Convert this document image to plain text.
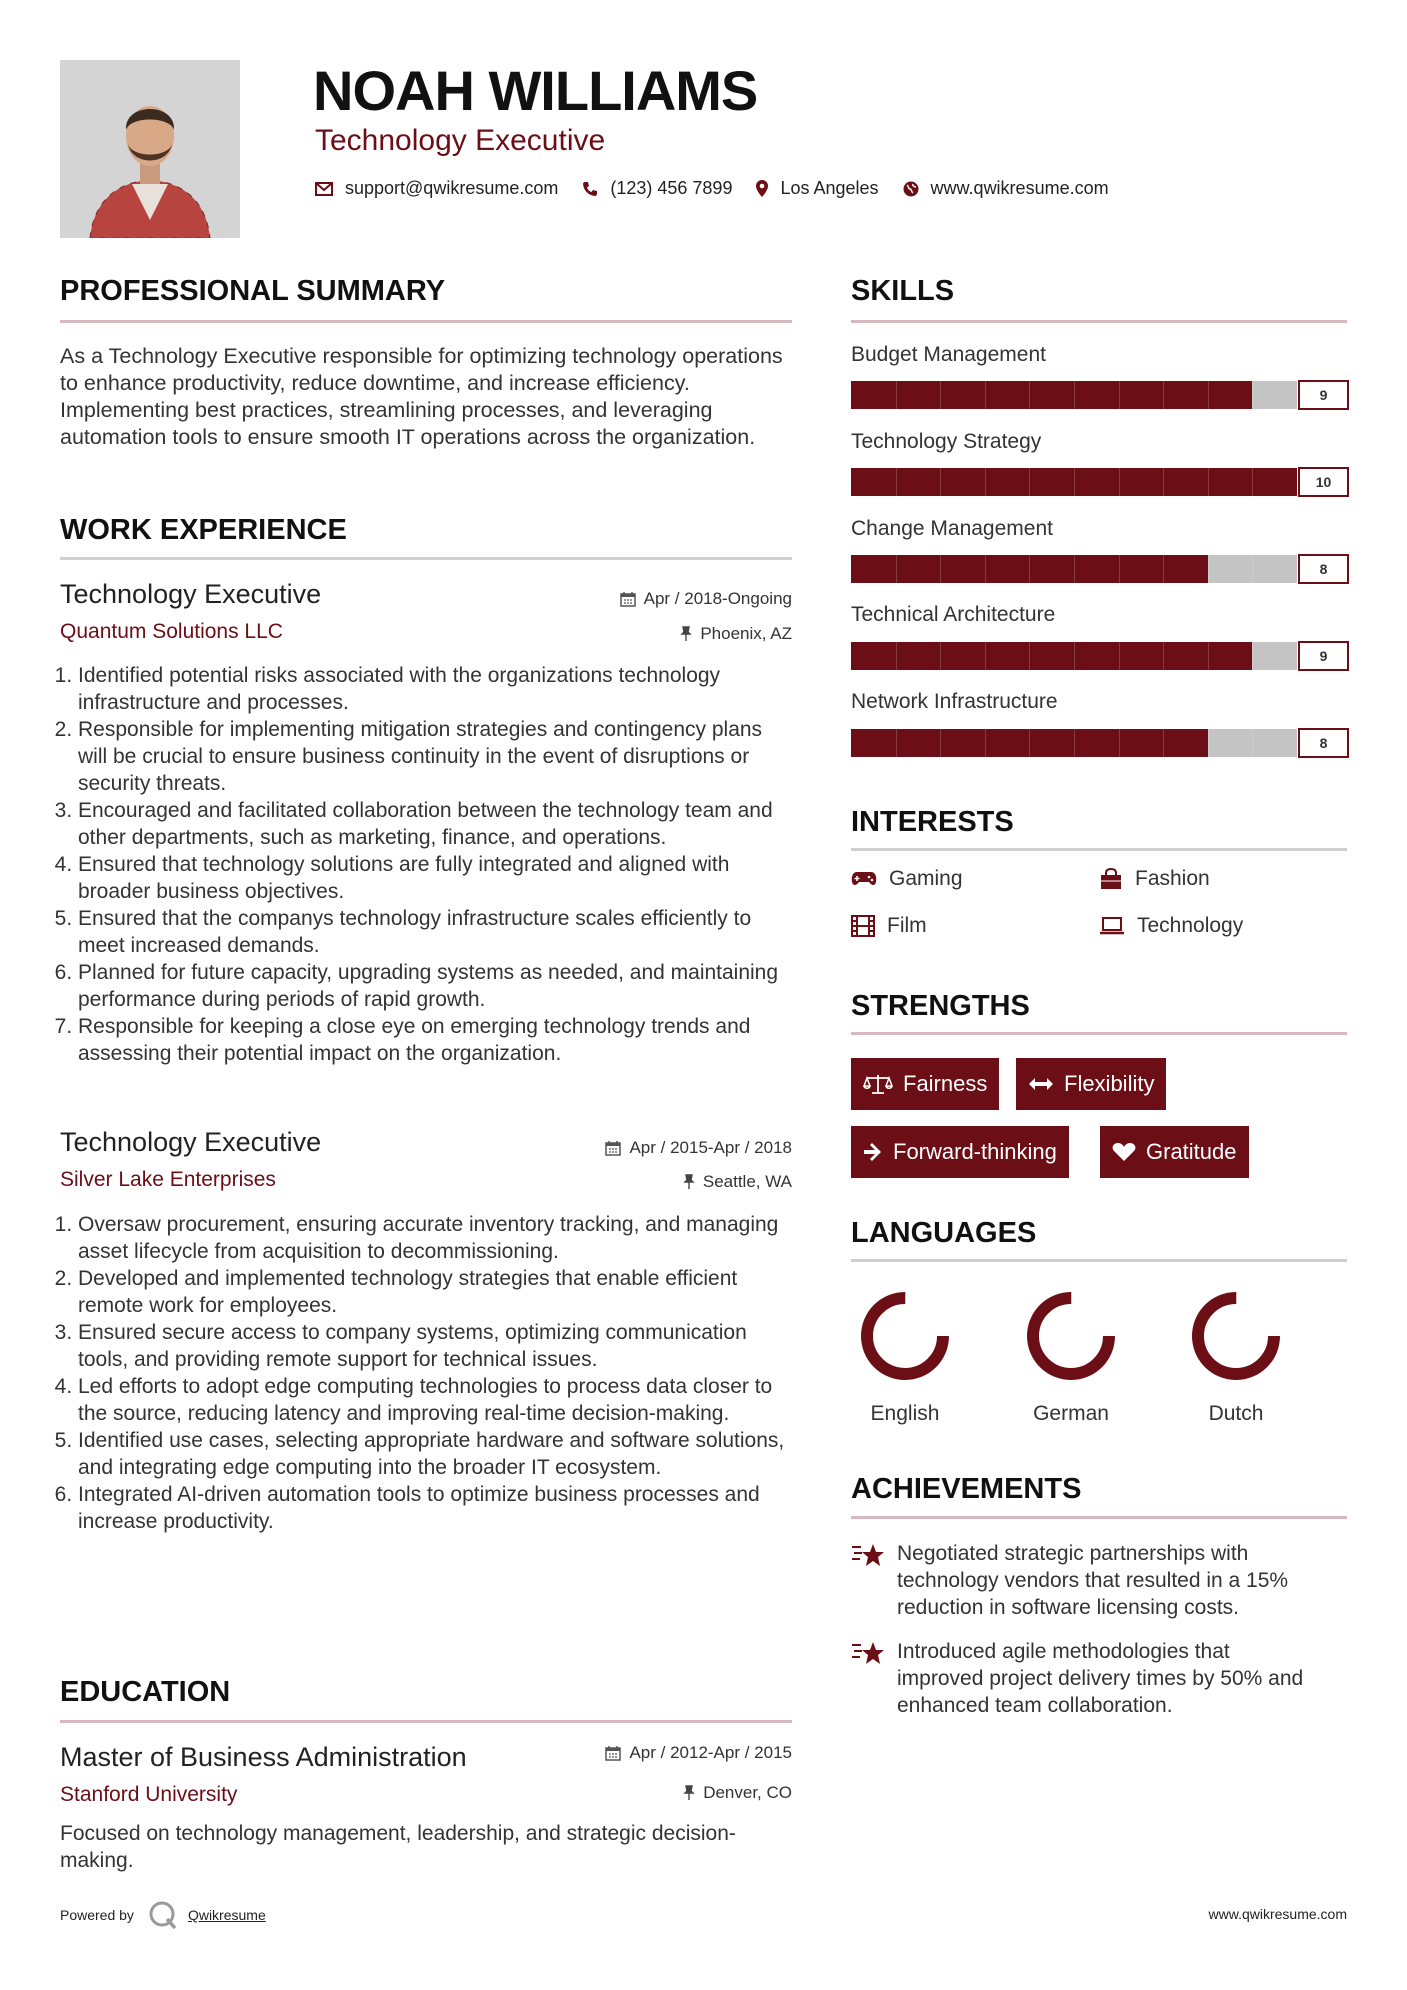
NOAH WILLIAMS
Technology Executive
support@qwikresume.com	(123) 456 7899	Los Angeles	www.qwikresume.com
PROFESSIONAL SUMMARY
As a Technology Executive responsible for optimizing technology operations to enhance productivity, reduce downtime, and increase efficiency. Implementing best practices, streamlining processes, and leveraging automation tools to ensure smooth IT operations across the organization.
WORK EXPERIENCE
Technology Executive
Quantum Solutions LLC
Apr / 2018-Ongoing
Phoenix, AZ
1. Identified potential risks associated with the organizations technology infrastructure and processes.
2. Responsible for implementing mitigation strategies and contingency plans will be crucial to ensure business continuity in the event of disruptions or security threats.
3. Encouraged and facilitated collaboration between the technology team and other departments, such as marketing, finance, and operations.
4. Ensured that technology solutions are fully integrated and aligned with broader business objectives.
5. Ensured that the companys technology infrastructure scales efficiently to meet increased demands.
6. Planned for future capacity, upgrading systems as needed, and maintaining performance during periods of rapid growth.
7. Responsible for keeping a close eye on emerging technology trends and assessing their potential impact on the organization.
Technology Executive
Silver Lake Enterprises
Apr / 2015-Apr / 2018
Seattle, WA
1. Oversaw procurement, ensuring accurate inventory tracking, and managing asset lifecycle from acquisition to decommissioning.
2. Developed and implemented technology strategies that enable efficient remote work for employees.
3. Ensured secure access to company systems, optimizing communication tools, and providing remote support for technical issues.
4. Led efforts to adopt edge computing technologies to process data closer to the source, reducing latency and improving real-time decision-making.
5. Identified use cases, selecting appropriate hardware and software solutions, and integrating edge computing into the broader IT ecosystem.
6. Integrated AI-driven automation tools to optimize business processes and increase productivity.
EDUCATION
Master of Business Administration
Stanford University
Apr / 2012-Apr / 2015
Denver, CO
Focused on technology management, leadership, and strategic decision-making.
SKILLS
Budget Management
9
Technology Strategy
10
Change Management
8
Technical Architecture
9
Network Infrastructure
8
INTERESTS
Gaming	Fashion
Film	Technology
STRENGTHS
Fairness	Flexibility
Forward-thinking	Gratitude
LANGUAGES
English	German	Dutch
ACHIEVEMENTS

Negotiated strategic partnerships with technology vendors that resulted in a 15% reduction in software licensing costs.

Introduced agile methodologies that improved project delivery times by 50% and enhanced team collaboration.

Powered by	Qwikresume	www.qwikresume.com
